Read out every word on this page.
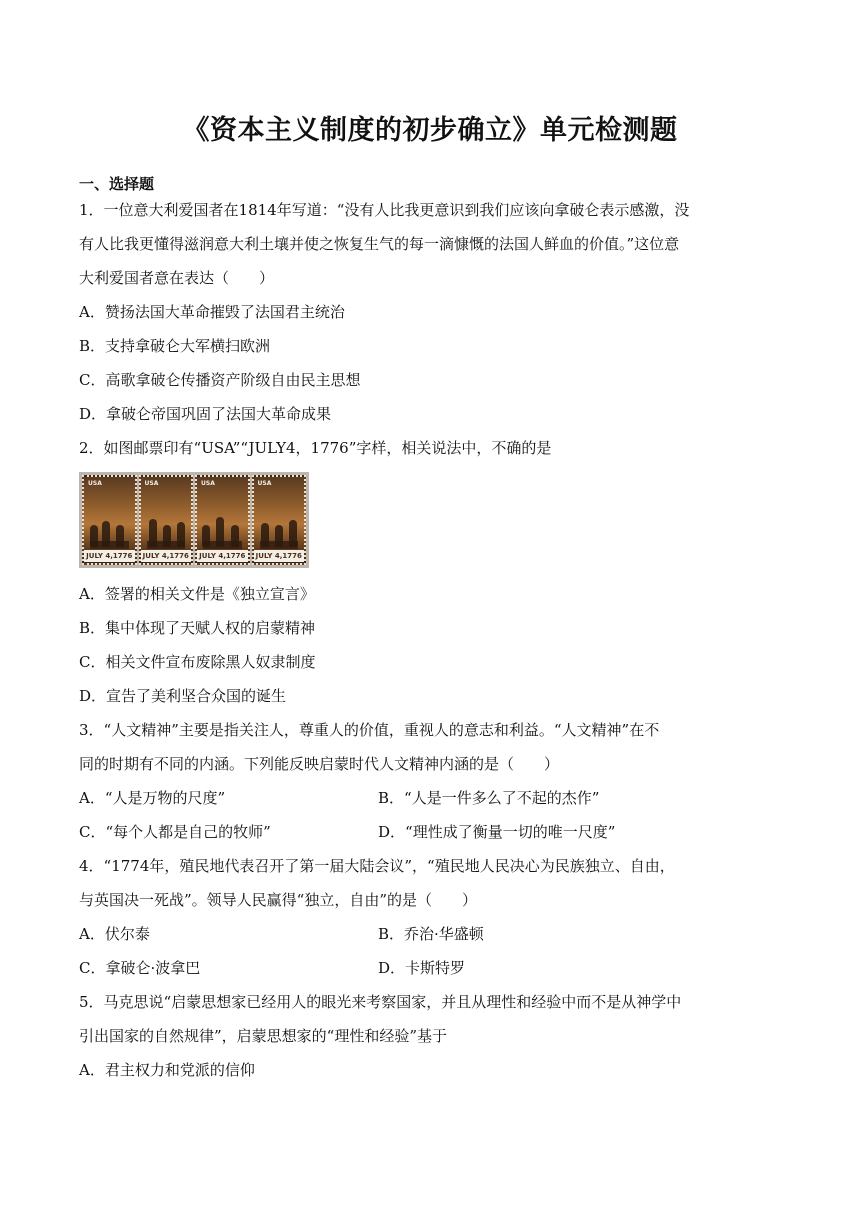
《资本主义制度的初步确立》单元检测题
一、选择题
1．一位意大利爱国者在1814年写道：“没有人比我更意识到我们应该向拿破仑表示感激，没
有人比我更懂得滋润意大利土壤并使之恢复生气的每一滴慷慨的法国人鲜血的价值。”这位意
大利爱国者意在表达（　　）
A．赞扬法国大革命摧毁了法国君主统治
B．支持拿破仑大军横扫欧洲
C．高歌拿破仑传播资产阶级自由民主思想
D．拿破仑帝国巩固了法国大革命成果
2．如图邮票印有“USA”“JULY4，1776”字样，相关说法中，不确的是
USA
JULY 4,1776
USA
JULY 4,1776
USA
JULY 4,1776
USA
JULY 4,1776
A．签署的相关文件是《独立宣言》
B．集中体现了天赋人权的启蒙精神
C．相关文件宣布废除黑人奴隶制度
D．宣告了美利坚合众国的诞生
3．“人文精神”主要是指关注人，尊重人的价值，重视人的意志和利益。“人文精神”在不
同的时期有不同的内涵。下列能反映启蒙时代人文精神内涵的是（　　）
A．“人是万物的尺度”	B．“人是一件多么了不起的杰作”
C．“每个人都是自己的牧师”	D．“理性成了衡量一切的唯一尺度”
4．“1774年，殖民地代表召开了第一届大陆会议”，“殖民地人民决心为民族独立、自由，
与英国决一死战”。领导人民赢得“独立，自由”的是（　　）
A．伏尔泰	B．乔治·华盛顿
C．拿破仑·波拿巴	D．卡斯特罗
5．马克思说“启蒙思想家已经用人的眼光来考察国家，并且从理性和经验中而不是从神学中
引出国家的自然规律”，启蒙思想家的“理性和经验”基于
A．君主权力和党派的信仰
